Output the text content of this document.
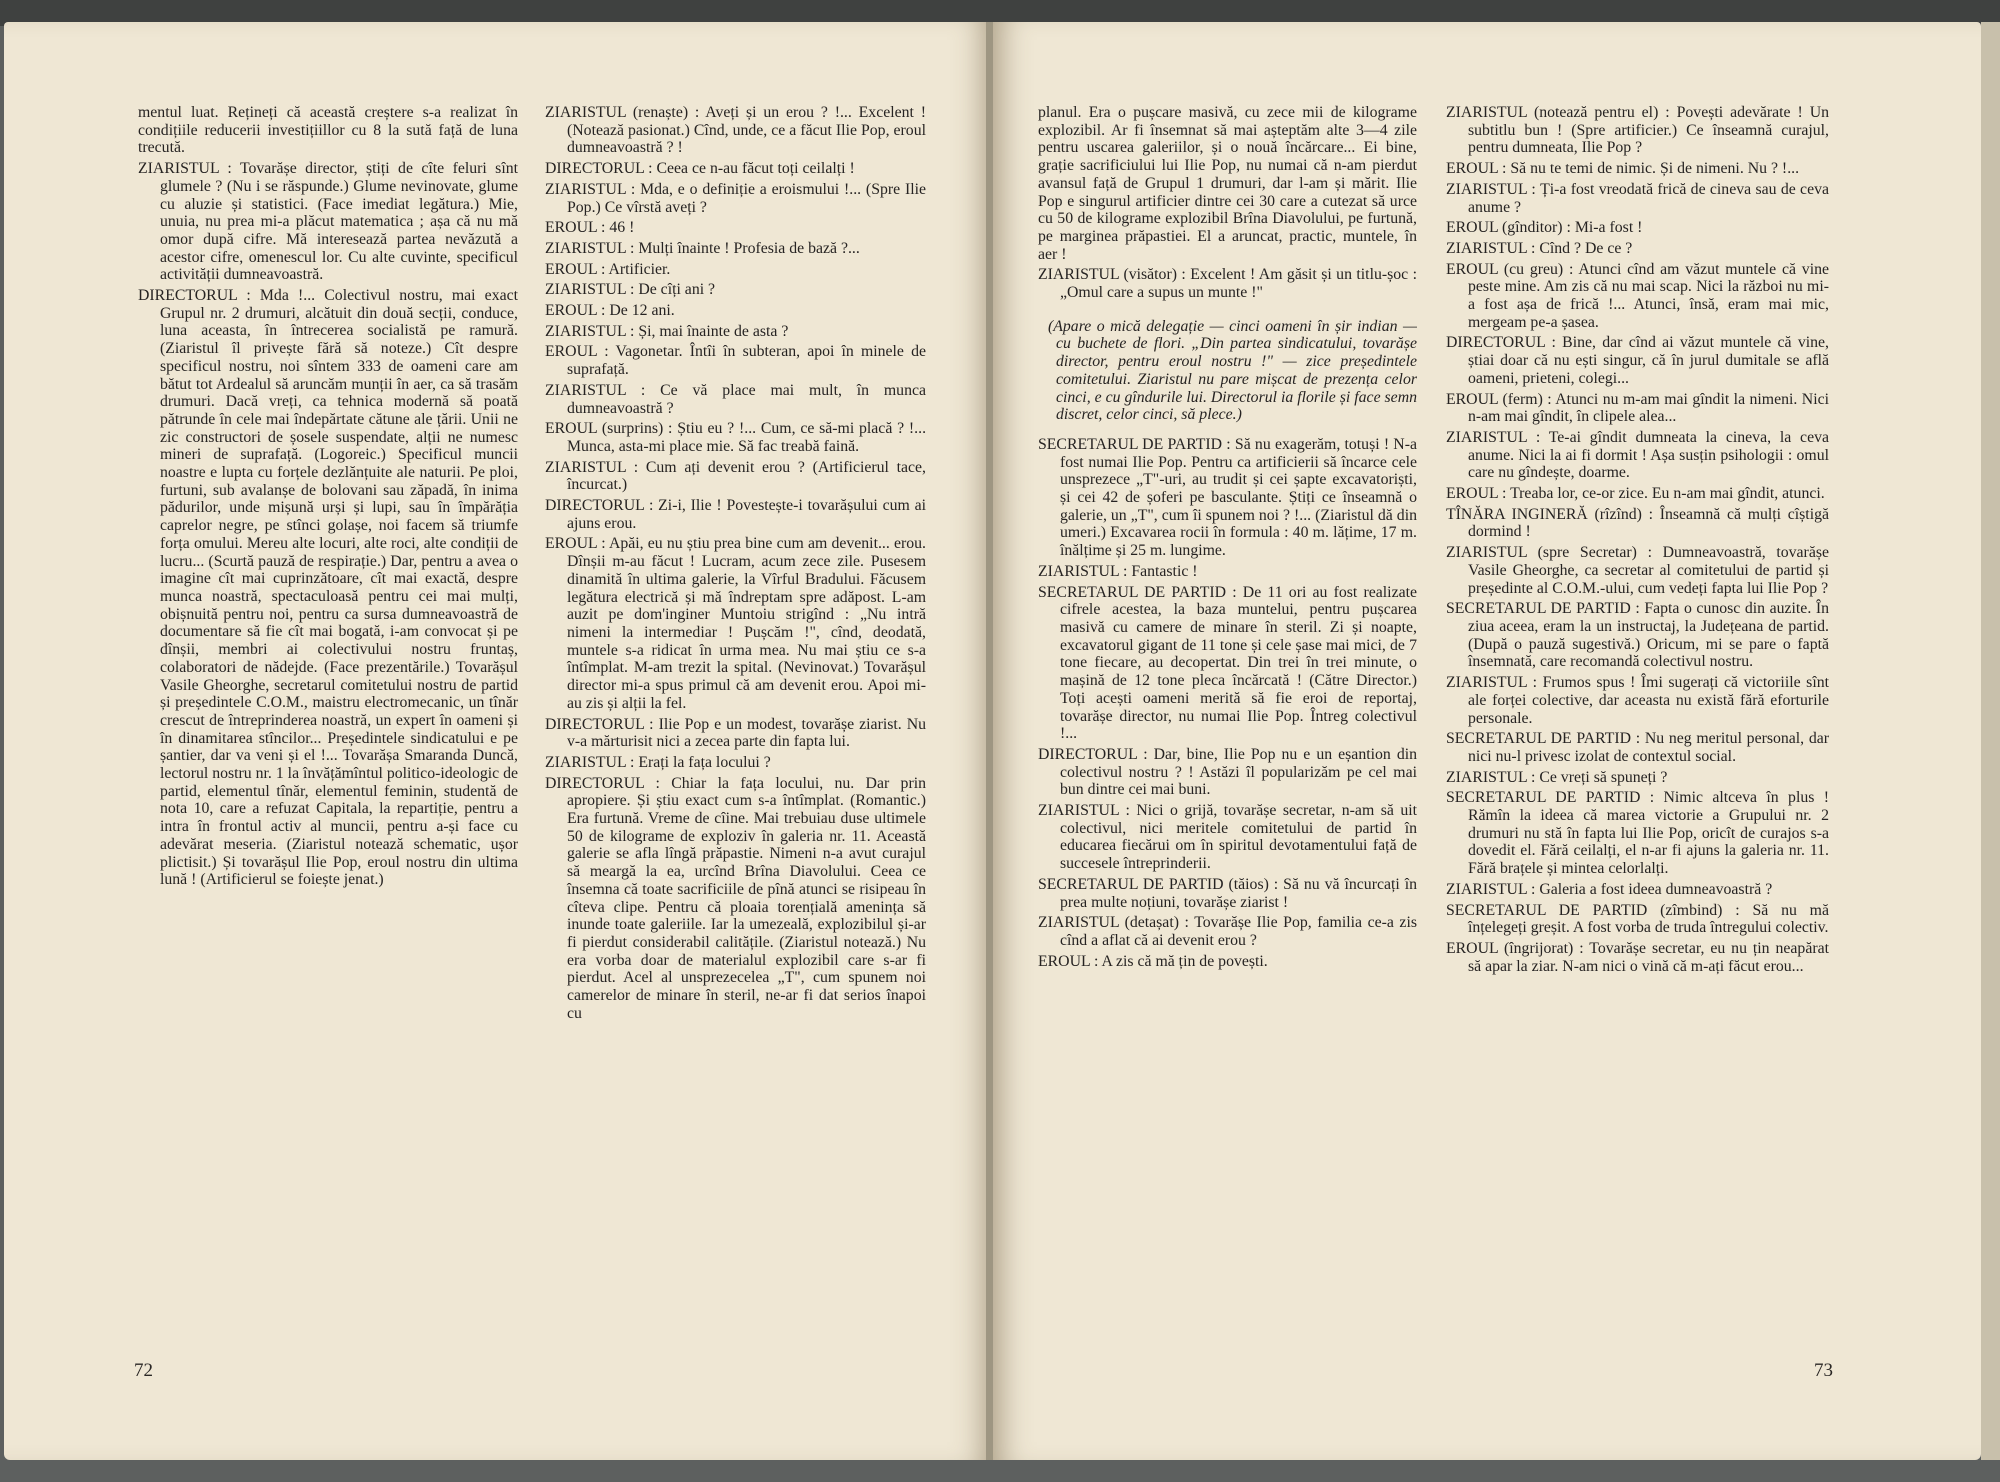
mentul luat. Rețineți că această creștere s-a realizat în condițiile reducerii investițiillor cu 8 la sută față de luna trecută.

ZIARISTUL : Tovarășe director, știți de cîte feluri sînt glumele ? (Nu i se răspunde.) Glume nevinovate, glume cu aluzie și statistici. (Face imediat legătura.) Mie, unuia, nu prea mi-a plăcut matematica ; așa că nu mă omor după cifre. Mă interesează partea nevăzută a acestor cifre, omenescul lor. Cu alte cuvinte, specificul activității dumneavoastră.

DIRECTORUL : Mda !... Colectivul nostru, mai exact Grupul nr. 2 drumuri, alcătuit din două secții, conduce, luna aceasta, în întrecerea socialistă pe ramură. (Ziaristul îl privește fără să noteze.) Cît despre specificul nostru, noi sîntem 333 de oameni care am bătut tot Ardealul să aruncăm munții în aer, ca să trasăm drumuri. Dacă vreți, ca tehnica modernă să poată pătrunde în cele mai îndepărtate cătune ale țării. Unii ne zic constructori de șosele suspendate, alții ne numesc mineri de suprafață. (Logoreic.) Specificul muncii noastre e lupta cu forțele dezlănțuite ale naturii. Pe ploi, furtuni, sub avalanșe de bolovani sau zăpadă, în inima pădurilor, unde mișună urși și lupi, sau în împărăția caprelor negre, pe stînci golașe, noi facem să triumfe forța omului. Mereu alte locuri, alte roci, alte condiții de lucru... (Scurtă pauză de respirație.) Dar, pentru a avea o imagine cît mai cuprinzătoare, cît mai exactă, despre munca noastră, spectaculoasă pentru cei mai mulți, obișnuită pentru noi, pentru ca sursa dumneavoastră de documentare să fie cît mai bogată, i-am convocat și pe dînșii, membri ai colectivului nostru fruntaș, colaboratori de nădejde. (Face prezentările.) Tovarășul Vasile Gheorghe, secretarul comitetului nostru de partid și președintele C.O.M., maistru electromecanic, un tînăr crescut de întreprinderea noastră, un expert în oameni și în dinamitarea stîncilor... Președintele sindicatului e pe șantier, dar va veni și el !... Tovarășa Smaranda Duncă, lectorul nostru nr. 1 la învățămîntul politico-ideologic de partid, elementul tînăr, elementul feminin, studentă de nota 10, care a refuzat Capitala, la repartiție, pentru a intra în frontul activ al muncii, pentru a-și face cu adevărat meseria. (Ziaristul notează schematic, ușor plictisit.) Și tovarășul Ilie Pop, eroul nostru din ultima lună ! (Artificierul se foiește jenat.)

ZIARISTUL (renaște) : Aveți și un erou ? !... Excelent ! (Notează pasionat.) Cînd, unde, ce a făcut Ilie Pop, eroul dumneavoastră ? !

DIRECTORUL : Ceea ce n-au făcut toți ceilalți !

ZIARISTUL : Mda, e o definiție a eroismului !... (Spre Ilie Pop.) Ce vîrstă aveți ?

EROUL : 46 !

ZIARISTUL : Mulți înainte ! Profesia de bază ?...

EROUL : Artificier.

ZIARISTUL : De cîți ani ?

EROUL : De 12 ani.

ZIARISTUL : Și, mai înainte de asta ?

EROUL : Vagonetar. Întîi în subteran, apoi în minele de suprafață.

ZIARISTUL : Ce vă place mai mult, în munca dumneavoastră ?

EROUL (surprins) : Știu eu ? !... Cum, ce să-mi placă ? !... Munca, asta-mi place mie. Să fac treabă faină.

ZIARISTUL : Cum ați devenit erou ? (Artificierul tace, încurcat.)

DIRECTORUL : Zi-i, Ilie ! Povestește-i tovarășului cum ai ajuns erou.

EROUL : Apăi, eu nu știu prea bine cum am devenit... erou. Dînșii m-au făcut ! Lucram, acum zece zile. Pusesem dinamită în ultima galerie, la Vîrful Bradului. Făcusem legătura electrică și mă îndreptam spre adăpost. L-am auzit pe dom'inginer Muntoiu strigînd : „Nu intră nimeni la intermediar ! Pușcăm !", cînd, deodată, muntele s-a ridicat în urma mea. Nu mai știu ce s-a întîmplat. M-am trezit la spital. (Nevinovat.) Tovarășul director mi-a spus primul că am devenit erou. Apoi mi-au zis și alții la fel.

DIRECTORUL : Ilie Pop e un modest, tovarășe ziarist. Nu v-a mărturisit nici a zecea parte din fapta lui.

ZIARISTUL : Erați la fața locului ?

DIRECTORUL : Chiar la fața locului, nu. Dar prin apropiere. Și știu exact cum s-a întîmplat. (Romantic.) Era furtună. Vreme de cîine. Mai trebuiau duse ultimele 50 de kilograme de exploziv în galeria nr. 11. Această galerie se afla lîngă prăpastie. Nimeni n-a avut curajul să meargă la ea, urcînd Brîna Diavolului. Ceea ce însemna că toate sacrificiile de pînă atunci se risipeau în cîteva clipe. Pentru că ploaia torențială amenința să inunde toate galeriile. Iar la umezeală, explozibilul și-ar fi pierdut considerabil calitățile. (Ziaristul notează.) Nu era vorba doar de materialul explozibil care s-ar fi pierdut. Acel al unsprezecelea „T", cum spunem noi camerelor de minare în steril, ne-ar fi dat serios înapoi cu

72

planul. Era o pușcare masivă, cu zece mii de kilograme explozibil. Ar fi însemnat să mai așteptăm alte 3—4 zile pentru uscarea galeriilor, și o nouă încărcare... Ei bine, grație sacrificiului lui Ilie Pop, nu numai că n-am pierdut avansul față de Grupul 1 drumuri, dar l-am și mărit. Ilie Pop e singurul artificier dintre cei 30 care a cutezat să urce cu 50 de kilograme explozibil Brîna Diavolului, pe furtună, pe marginea prăpastiei. El a aruncat, practic, muntele, în aer !

ZIARISTUL (visător) : Excelent ! Am găsit și un titlu-șoc : „Omul care a supus un munte !"

(Apare o mică delegație — cinci oameni în șir indian — cu buchete de flori. „Din partea sindicatului, tovarășe director, pentru eroul nostru !" — zice președintele comitetului. Ziaristul nu pare mișcat de prezența celor cinci, e cu gîndurile lui. Directorul ia florile și face semn discret, celor cinci, să plece.)

SECRETARUL DE PARTID : Să nu exagerăm, totuși ! N-a fost numai Ilie Pop. Pentru ca artificierii să încarce cele unsprezece „T"-uri, au trudit și cei șapte excavatoriști, și cei 42 de șoferi pe basculante. Știți ce înseamnă o galerie, un „T", cum îi spunem noi ? !... (Ziaristul dă din umeri.) Excavarea rocii în formula : 40 m. lățime, 17 m. înălțime și 25 m. lungime.

ZIARISTUL : Fantastic !

SECRETARUL DE PARTID : De 11 ori au fost realizate cifrele acestea, la baza muntelui, pentru pușcarea masivă cu camere de minare în steril. Zi și noapte, excavatorul gigant de 11 tone și cele șase mai mici, de 7 tone fiecare, au decopertat. Din trei în trei minute, o mașină de 12 tone pleca încărcată ! (Către Director.) Toți acești oameni merită să fie eroi de reportaj, tovarășe director, nu numai Ilie Pop. Întreg colectivul !...

DIRECTORUL : Dar, bine, Ilie Pop nu e un eșantion din colectivul nostru ? ! Astăzi îl popularizăm pe cel mai bun dintre cei mai buni.

ZIARISTUL : Nici o grijă, tovarășe secretar, n-am să uit colectivul, nici meritele comitetului de partid în educarea fiecărui om în spiritul devotamentului față de succesele întreprinderii.

SECRETARUL DE PARTID (tăios) : Să nu vă încurcați în prea multe noțiuni, tovarășe ziarist !

ZIARISTUL (detașat) : Tovarășe Ilie Pop, familia ce-a zis cînd a aflat că ai devenit erou ?

EROUL : A zis că mă țin de povești.

ZIARISTUL (notează pentru el) : Povești adevărate ! Un subtitlu bun ! (Spre artificier.) Ce înseamnă curajul, pentru dumneata, Ilie Pop ?

EROUL : Să nu te temi de nimic. Și de nimeni. Nu ? !...

ZIARISTUL : Ți-a fost vreodată frică de cineva sau de ceva anume ?

EROUL (gînditor) : Mi-a fost !

ZIARISTUL : Cînd ? De ce ?

EROUL (cu greu) : Atunci cînd am văzut muntele că vine peste mine. Am zis că nu mai scap. Nici la război nu mi-a fost așa de frică !... Atunci, însă, eram mai mic, mergeam pe-a șasea.

DIRECTORUL : Bine, dar cînd ai văzut muntele că vine, știai doar că nu ești singur, că în jurul dumitale se află oameni, prieteni, colegi...

EROUL (ferm) : Atunci nu m-am mai gîndit la nimeni. Nici n-am mai gîndit, în clipele alea...

ZIARISTUL : Te-ai gîndit dumneata la cineva, la ceva anume. Nici la ai fi dormit ! Așa susțin psihologii : omul care nu gîndește, doarme.

EROUL : Treaba lor, ce-or zice. Eu n-am mai gîndit, atunci.

TÎNĂRA INGINERĂ (rîzînd) : Înseamnă că mulți cîștigă dormind !

ZIARISTUL (spre Secretar) : Dumneavoastră, tovarășe Vasile Gheorghe, ca secretar al comitetului de partid și președinte al C.O.M.-ului, cum vedeți fapta lui Ilie Pop ?

SECRETARUL DE PARTID : Fapta o cunosc din auzite. În ziua aceea, eram la un instructaj, la Județeana de partid. (După o pauză sugestivă.) Oricum, mi se pare o faptă însemnată, care recomandă colectivul nostru.

ZIARISTUL : Frumos spus ! Îmi sugerați că victoriile sînt ale forței colective, dar aceasta nu există fără eforturile personale.

SECRETARUL DE PARTID : Nu neg meritul personal, dar nici nu-l privesc izolat de contextul social.

ZIARISTUL : Ce vreți să spuneți ?

SECRETARUL DE PARTID : Nimic altceva în plus ! Rămîn la ideea că marea victorie a Grupului nr. 2 drumuri nu stă în fapta lui Ilie Pop, oricît de curajos s-a dovedit el. Fără ceilalți, el n-ar fi ajuns la galeria nr. 11. Fără brațele și mintea celorlalți.

ZIARISTUL : Galeria a fost ideea dumneavoastră ?

SECRETARUL DE PARTID (zîmbind) : Să nu mă înțelegeți greșit. A fost vorba de truda întregului colectiv.

EROUL (îngrijorat) : Tovarășe secretar, eu nu țin neapărat să apar la ziar. N-am nici o vină că m-ați făcut erou...

73
